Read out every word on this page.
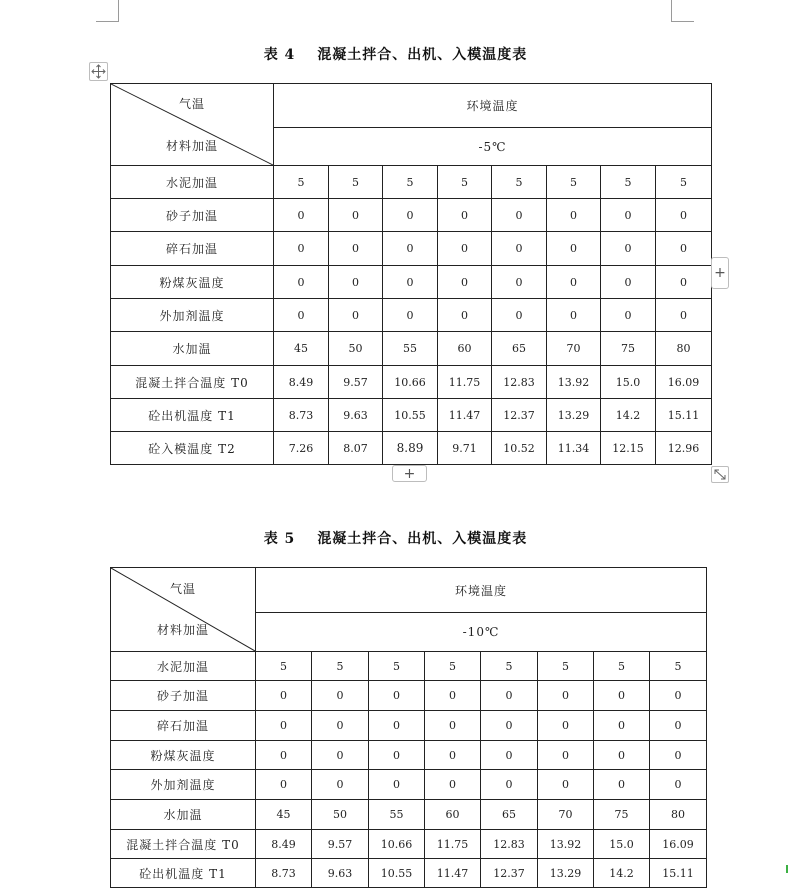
表 4 混凝土拌合、出机、入模温度表
气温
材料加温	环境温度							
	-5℃							
水泥加温	5	5	5	5	5	5	5	5
砂子加温	0	0	0	0	0	0	0	0
碎石加温	0	0	0	0	0	0	0	0
粉煤灰温度	0	0	0	0	0	0	0	0
外加剂温度	0	0	0	0	0	0	0	0
水加温	45	50	55	60	65	70	75	80
混凝土拌合温度 T0	8.49	9.57	10.66	11.75	12.83	13.92	15.0	16.09
砼出机温度 T1	8.73	9.63	10.55	11.47	12.37	13.29	14.2	15.11
砼入模温度 T2	7.26	8.07	8.89	9.71	10.52	11.34	12.15	12.96
+
+
表 5 混凝土拌合、出机、入模温度表
气温
材料加温	环境温度							
	-10℃							
水泥加温	5	5	5	5	5	5	5	5
砂子加温	0	0	0	0	0	0	0	0
碎石加温	0	0	0	0	0	0	0	0
粉煤灰温度	0	0	0	0	0	0	0	0
外加剂温度	0	0	0	0	0	0	0	0
水加温	45	50	55	60	65	70	75	80
混凝土拌合温度 T0	8.49	9.57	10.66	11.75	12.83	13.92	15.0	16.09
砼出机温度 T1	8.73	9.63	10.55	11.47	12.37	13.29	14.2	15.11
